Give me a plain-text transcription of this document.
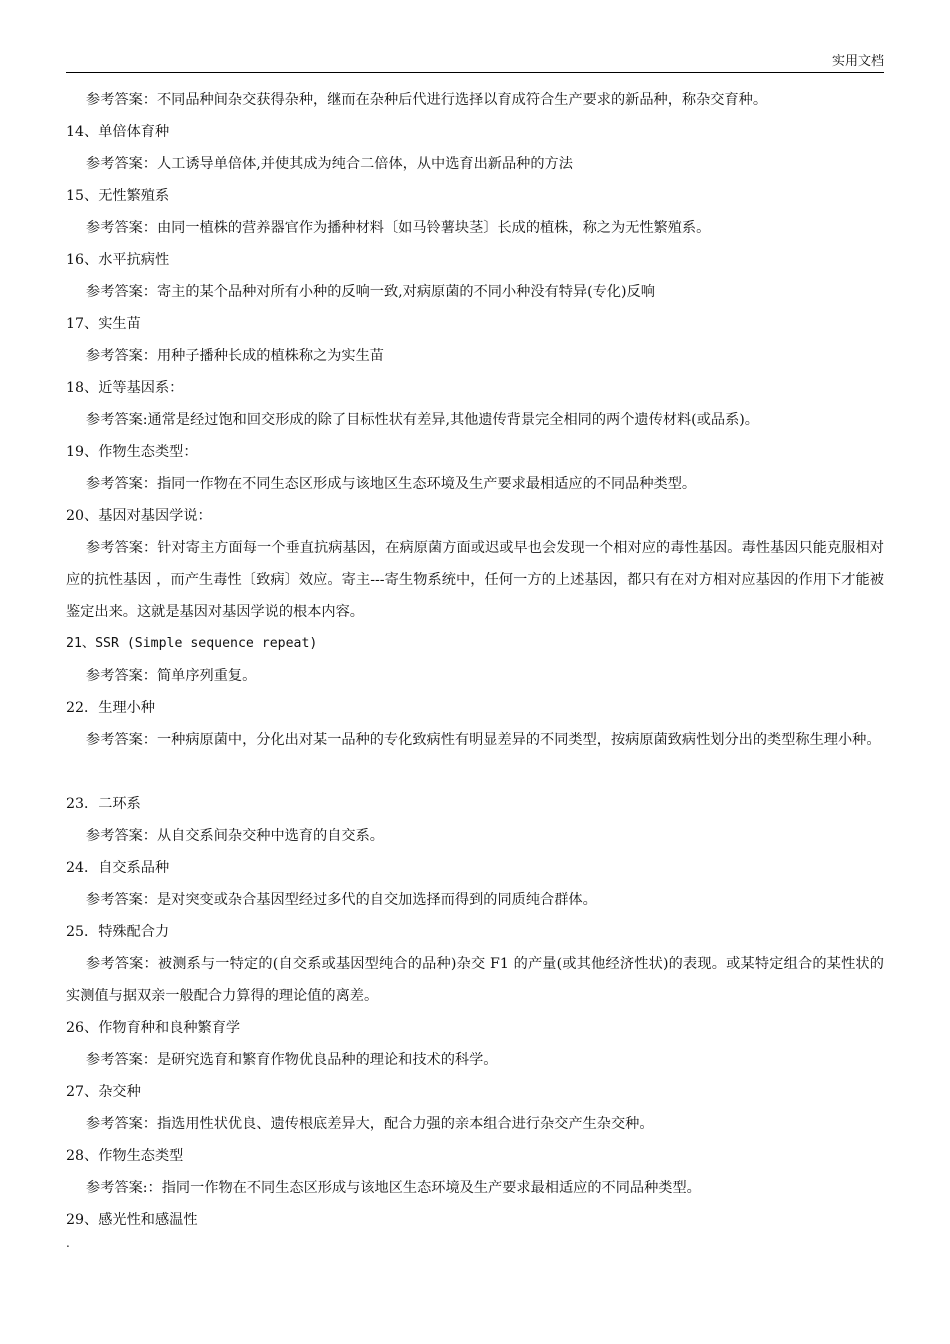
实用文档
参考答案：不同品种间杂交获得杂种，继而在杂种后代进行选择以育成符合生产要求的新品种，称杂交育种。
14、单倍体育种
参考答案：人工诱导单倍体,并使其成为纯合二倍体，从中选育出新品种的方法
15、无性繁殖系
参考答案：由同一植株的营养器官作为播种材料〔如马铃薯块茎〕长成的植株，称之为无性繁殖系。
16、水平抗病性
参考答案：寄主的某个品种对所有小种的反响一致,对病原菌的不同小种没有特异(专化)反响
17、实生苗
参考答案：用种子播种长成的植株称之为实生苗
18、近等基因系：
参考答案:通常是经过饱和回交形成的除了目标性状有差异,其他遗传背景完全相同的两个遗传材料(或品系)。
19、作物生态类型：
参考答案：指同一作物在不同生态区形成与该地区生态环境及生产要求最相适应的不同品种类型。
20、基因对基因学说：
参考答案：针对寄主方面每一个垂直抗病基因，在病原菌方面或迟或早也会发现一个相对应的毒性基因。毒性基因只能克服相对应的抗性基因 ，而产生毒性〔致病〕效应。寄主---寄生物系统中，任何一方的上述基因，都只有在对方相对应基因的作用下才能被鉴定出来。这就是基因对基因学说的根本内容。
21、SSR (Simple sequence repeat)
参考答案：简单序列重复。
22．生理小种
参考答案：一种病原菌中，分化出对某一品种的专化致病性有明显差异的不同类型，按病原菌致病性划分出的类型称生理小种。
23．二环系
参考答案：从自交系间杂交种中选育的自交系。
24．自交系品种
参考答案：是对突变或杂合基因型经过多代的自交加选择而得到的同质纯合群体。
25．特殊配合力
参考答案：被测系与一特定的(自交系或基因型纯合的品种)杂交 F1 的产量(或其他经济性状)的表现。或某特定组合的某性状的实测值与据双亲一般配合力算得的理论值的离差。
26、作物育种和良种繁育学
参考答案：是研究选育和繁育作物优良品种的理论和技术的科学。
27、杂交种
参考答案：指选用性状优良、遗传根底差异大，配合力强的亲本组合进行杂交产生杂交种。
28、作物生态类型
参考答案:：指同一作物在不同生态区形成与该地区生态环境及生产要求最相适应的不同品种类型。
29、感光性和感温性
.
